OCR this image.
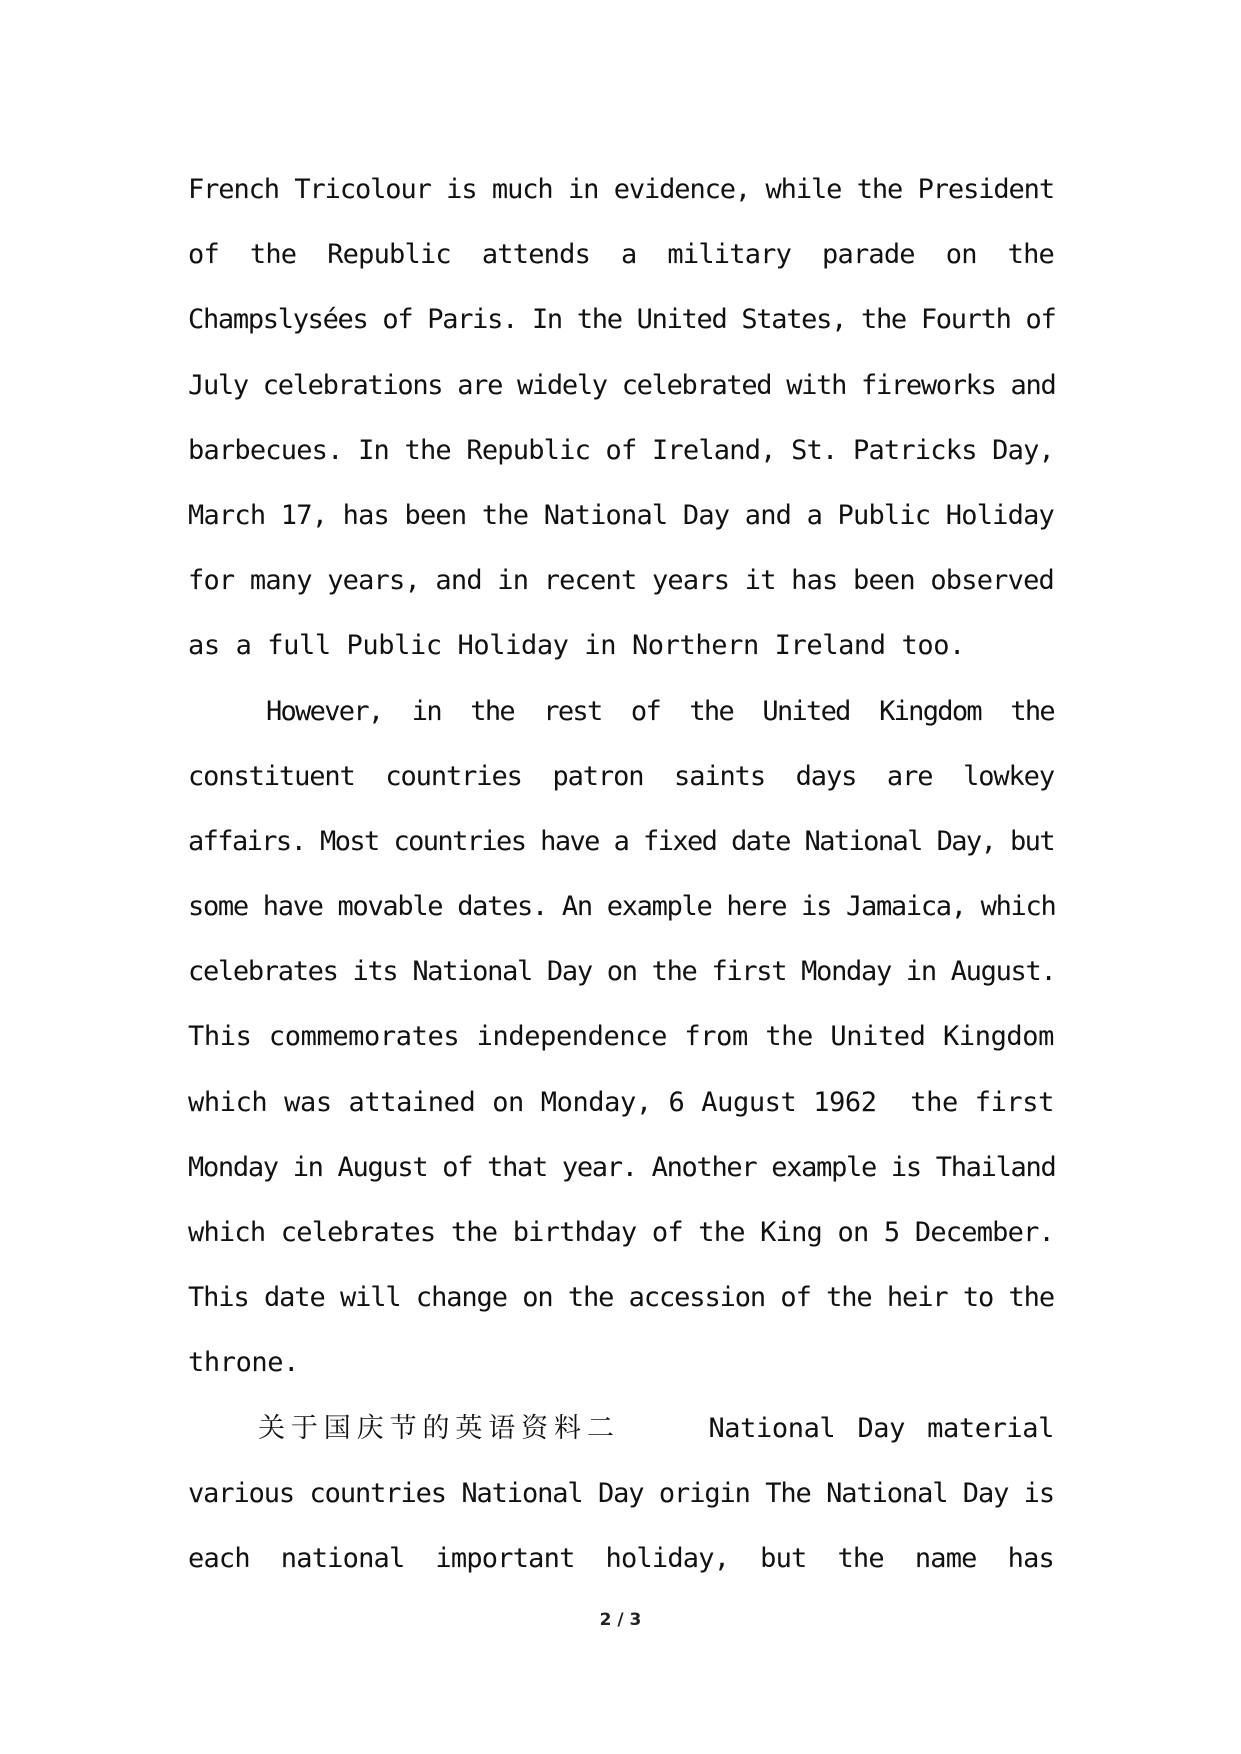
French Tricolour is much in evidence, while the President
of  the  Republic  attends  a  military  parade  on  the
Champslysées of Paris. In the United States, the Fourth of
July celebrations are widely celebrated with fireworks and
barbecues. In the Republic of Ireland, St. Patricks Day,
March 17, has been the National Day and a Public Holiday
for many years, and in recent years it has been observed
as a full Public Holiday in Northern Ireland too.
However,  in  the  rest  of  the  United  Kingdom  the
constituent  countries  patron  saints  days  are  lowkey
affairs. Most countries have a fixed date National Day, but
some have movable dates. An example here is Jamaica, which
celebrates its National Day on the first Monday in August.
This commemorates independence from the United Kingdom
which was attained on Monday, 6 August 1962  the first
Monday in August of that year. Another example is Thailand
which celebrates the birthday of the King on 5 December.
This date will change on the accession of the heir to the
throne.
关于国庆节的英语资料二    National Day material
various countries National Day origin The National Day is
each  national  important  holiday,  but  the  name  has
2 / 3
